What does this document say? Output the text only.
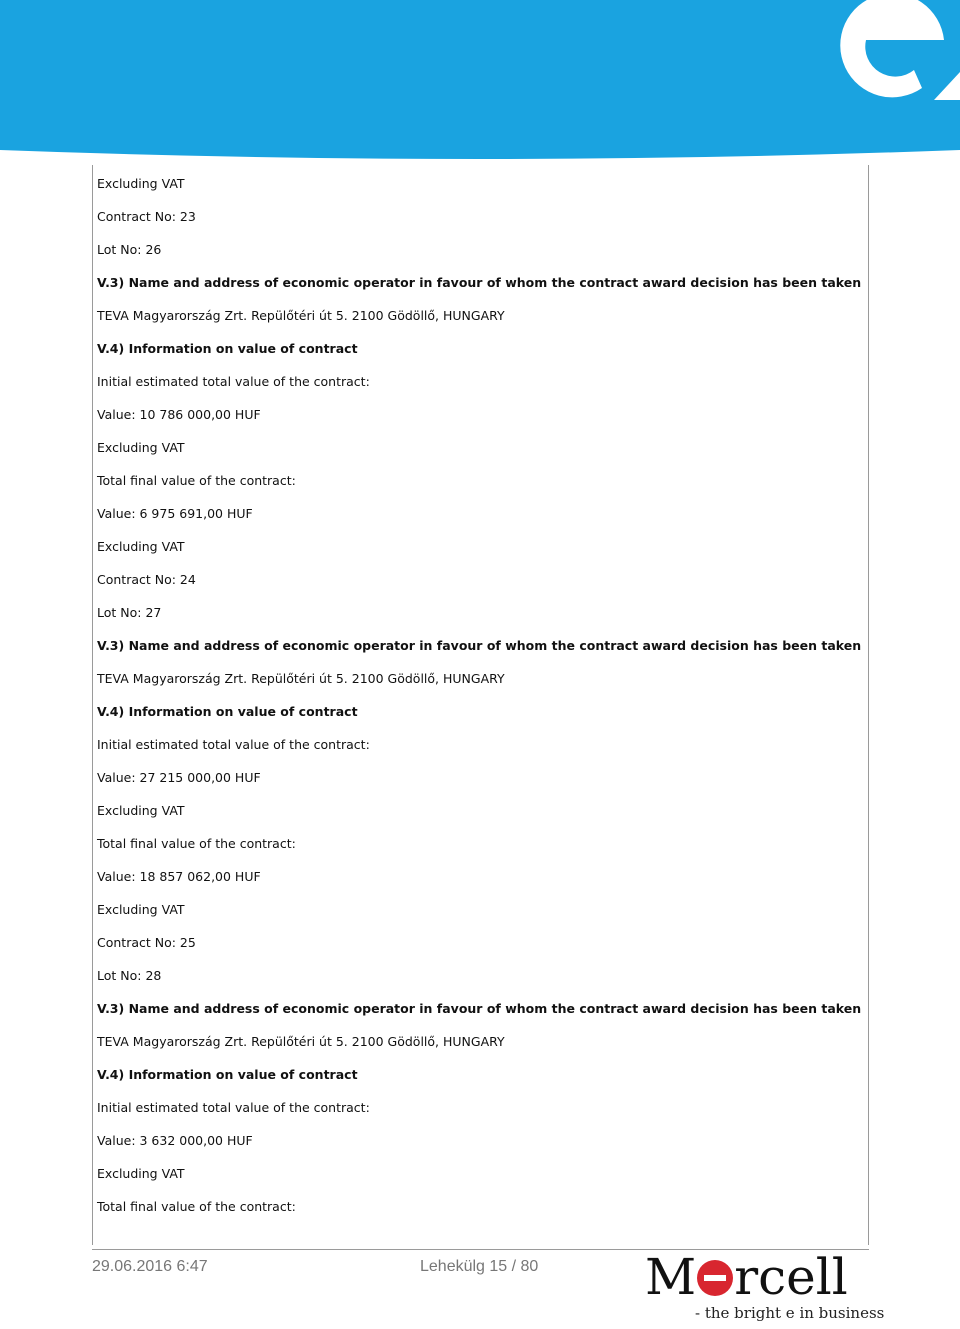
Excluding VAT
Contract No: 23
Lot No: 26
V.3) Name and address of economic operator in favour of whom the contract award decision has been taken
TEVA Magyarország Zrt. Repülőtéri út 5. 2100 Gödöllő, HUNGARY
V.4) Information on value of contract
Initial estimated total value of the contract:
Value: 10 786 000,00 HUF
Excluding VAT
Total final value of the contract:
Value: 6 975 691,00 HUF
Excluding VAT
Contract No: 24
Lot No: 27
V.3) Name and address of economic operator in favour of whom the contract award decision has been taken
TEVA Magyarország Zrt. Repülőtéri út 5. 2100 Gödöllő, HUNGARY
V.4) Information on value of contract
Initial estimated total value of the contract:
Value: 27 215 000,00 HUF
Excluding VAT
Total final value of the contract:
Value: 18 857 062,00 HUF
Excluding VAT
Contract No: 25
Lot No: 28
V.3) Name and address of economic operator in favour of whom the contract award decision has been taken
TEVA Magyarország Zrt. Repülőtéri út 5. 2100 Gödöllő, HUNGARY
V.4) Information on value of contract
Initial estimated total value of the contract:
Value: 3 632 000,00 HUF
Excluding VAT
Total final value of the contract:
29.06.2016 6:47	Lehekülg 15 / 80 M rcell
- the bright e in business
